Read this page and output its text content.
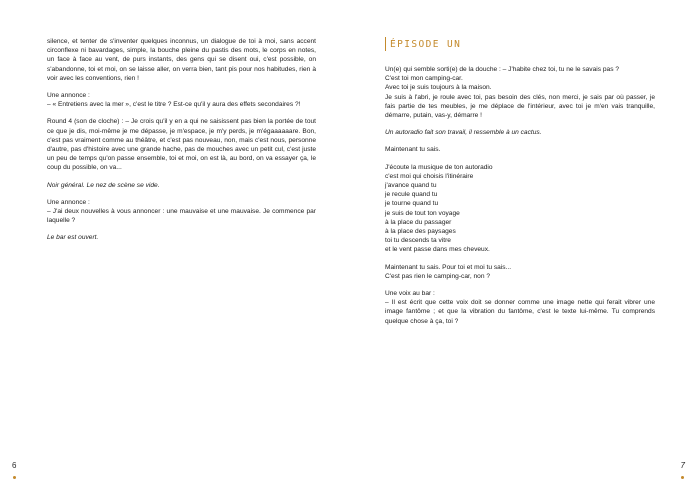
silence, et tenter de s'inventer quelques inconnus, un dialogue de toi à moi, sans accent circonflexe ni bavardages, simple, la bouche pleine du pastis des mots, le corps en notes, un face à face au vent, de purs instants, des gens qui se disent oui, c'est possible, on s'abandonne, toi et moi, on se laisse aller, on verra bien, tant pis pour nos habitudes, rien à voir avec les conventions, rien !

Une annonce :

– « Entretiens avec la mer », c'est le titre ? Est-ce qu'il y aura des effets secondaires ?!

Round 4 (son de cloche) : – Je crois qu'il y en a qui ne saisissent pas bien la portée de tout ce que je dis, moi-même je me dépasse, je m'espace, je m'y perds, je m'égaaaaaare. Bon, c'est pas vraiment comme au théâtre, et c'est pas nouveau, non, mais c'est nous, personne d'autre, pas d'histoire avec une grande hache, pas de mouches avec un petit cul, c'est juste un peu de temps qu'on passe ensemble, toi et moi, on est là, au bord, on va essayer ça, le coup du possible, on va...

Noir général. Le nez de scène se vide.

Une annonce :

– J'ai deux nouvelles à vous annoncer : une mauvaise et une mauvaise. Je commence par laquelle ?

Le bar est ouvert.

6
ÉPISODE UN

Un(e) qui semble sorti(e) de la douche : – J'habite chez toi, tu ne le savais pas ?
C'est toi mon camping-car.
Avec toi je suis toujours à la maison.
Je suis à l'abri, je roule avec toi, pas besoin des clés, non merci, je sais par où passer, je fais partie de tes meubles, je me déplace de l'intérieur, avec toi je m'en vais tranquille, démarre, putain, vas-y, démarre !

Un autoradio fait son travail, il ressemble à un cactus.

Maintenant tu sais.

J'écoute la musique de ton autoradio
c'est moi qui choisis l'itinéraire
j'avance quand tu
je recule quand tu
je tourne quand tu
je suis de tout ton voyage
à la place du passager
à la place des paysages
toi tu descends ta vitre
et le vent passe dans mes cheveux.

Maintenant tu sais. Pour toi et moi tu sais...
C'est pas rien le camping-car, non ?

Une voix au bar :
– Il est écrit que cette voix doit se donner comme une image nette qui ferait vibrer une image fantôme ; et que la vibration du fantôme, c'est le texte lui-même. Tu comprends quelque chose à ça, toi ?

7
